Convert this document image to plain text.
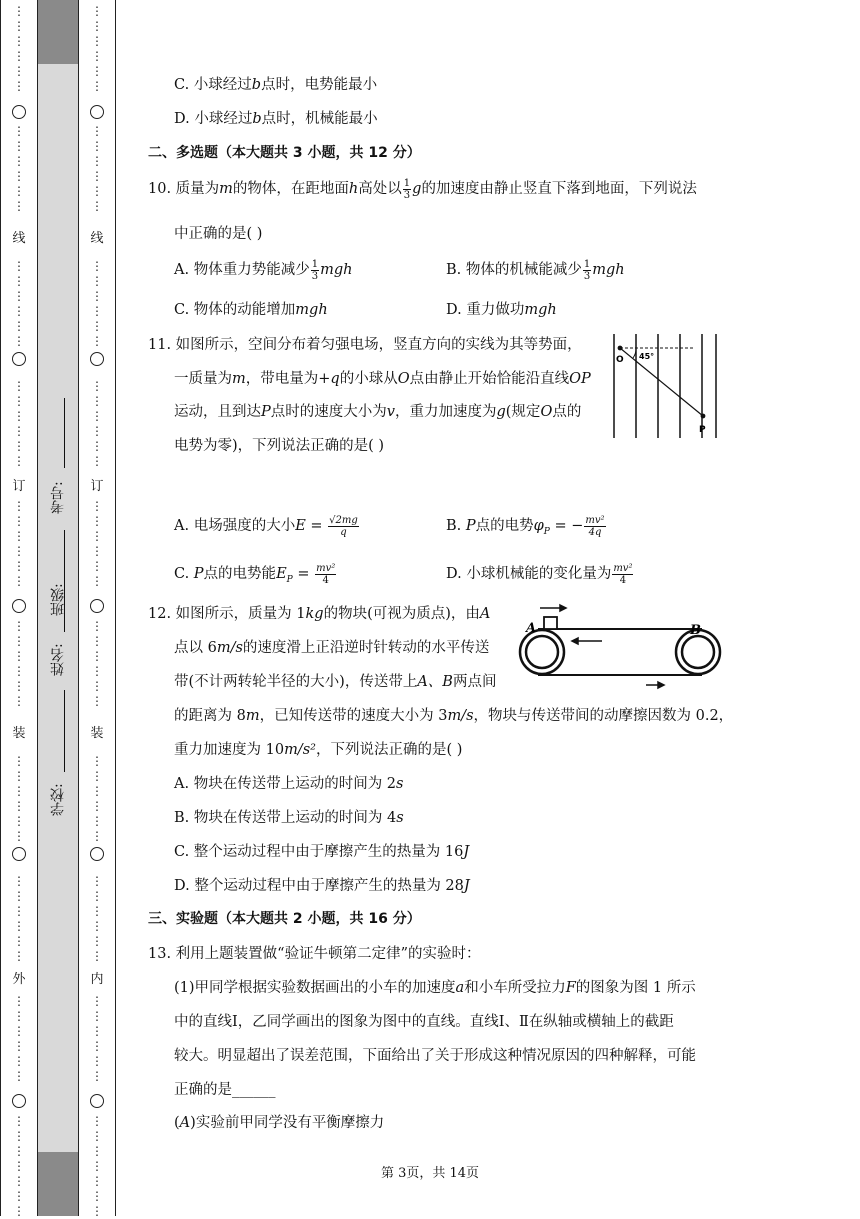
⋮
⋮
⋮
⋮
⋮
⋮
⋮
⋮
⋮
⋮
⋮
⋮
⋮
⋮
⋮
⋮
⋮
⋮
⋮
⋮
⋮
⋮
⋮
⋮
⋮
⋮
⋮
⋮
⋮
⋮
⋮
⋮
⋮
⋮
⋮
⋮
⋮
⋮
⋮
⋮
⋮
⋮
⋮
⋮
⋮
⋮
⋮
⋮
⋮
⋮
⋮
⋮
⋮
⋮
⋮
⋮
⋮
⋮
⋮
⋮
⋮
⋮
⋮
⋮
⋮
⋮
⋮
⋮
⋮
⋮
⋮
⋮
⋮
⋮
⋮
⋮
⋮
⋮
⋮
⋮
⋮
⋮
⋮
⋮
⋮
⋮
⋮
⋮
⋮
⋮
⋮
⋮
⋮
⋮
⋮
⋮
⋮
⋮
⋮
⋮
⋮
⋮
⋮
⋮
⋮
⋮
⋮
⋮
⋮
⋮
⋮
⋮
⋮
⋮
⋮
⋮
⋮
⋮
⋮
⋮
⋮
⋮
线
订
装
外
线
订
装
内
学校:
姓名:
班级:
考号:
C. 小球经过b点时，电势能最小
D. 小球经过b点时，机械能最小
二、多选题（本大题共 3 小题，共 12 分）
10. 质量为m的物体，在距地面h高处以 $\frac{1}{3}$ g的加速度由静止竖直下落到地面，下列说法
中正确的是( )
A. 物体重力势能减少 $\frac{1}{3}$ mgh	B. 物体的机械能减少 $\frac{1}{3}$ mgh
C. 物体的动能增加mgh	D. 重力做功mgh
11. 如图所示，空间分布着匀强电场，竖直方向的实线为其等势面，
一质量为m，带电量为+q的小球从O点由静止开始恰能沿直线OP
运动，且到达P点时的速度大小为v，重力加速度为g(规定O点的
电势为零)，下列说法正确的是( )
A. 电场强度的大小$E = \frac{√2mg}{q}$	B. P点的电势$\varphi_P$ = − $\frac{\text{mv²}}{4q}$
C. P点的电势能$E_P = \frac{\text{mv²}}{4}$	D. 小球机械能的变化量为 $\frac{\text{mv²}}{4}$
12. 如图所示，质量为 1kg的物块(可视为质点)，由A
点以 6m/s的速度滑上正沿逆时针转动的水平传送
带(不计两转轮半径的大小)，传送带上A、B两点间
的距离为 8m，已知传送带的速度大小为 3m/s，物块与传送带间的动摩擦因数为 0.2，
重力加速度为 10m/s²，下列说法正确的是( )
A. 物块在传送带上运动的时间为 2s
B. 物块在传送带上运动的时间为 4s
C. 整个运动过程中由于摩擦产生的热量为 16J
D. 整个运动过程中由于摩擦产生的热量为 28J
三、实验题（本大题共 2 小题，共 16 分）
13. 利用上题装置做“验证牛顿第二定律”的实验时：
(1)甲同学根据实验数据画出的小车的加速度a和小车所受拉力F的图象为图 1 所示
中的直线Ⅰ，乙同学画出的图象为图中的直线。直线Ⅰ、Ⅱ在纵轴或横轴上的截距
较大。明显超出了误差范围，下面给出了关于形成这种情况原因的四种解释，可能
正确的是______
(A)实验前甲同学没有平衡摩擦力
O 45°
P
A	B
第 3页，共 14页
